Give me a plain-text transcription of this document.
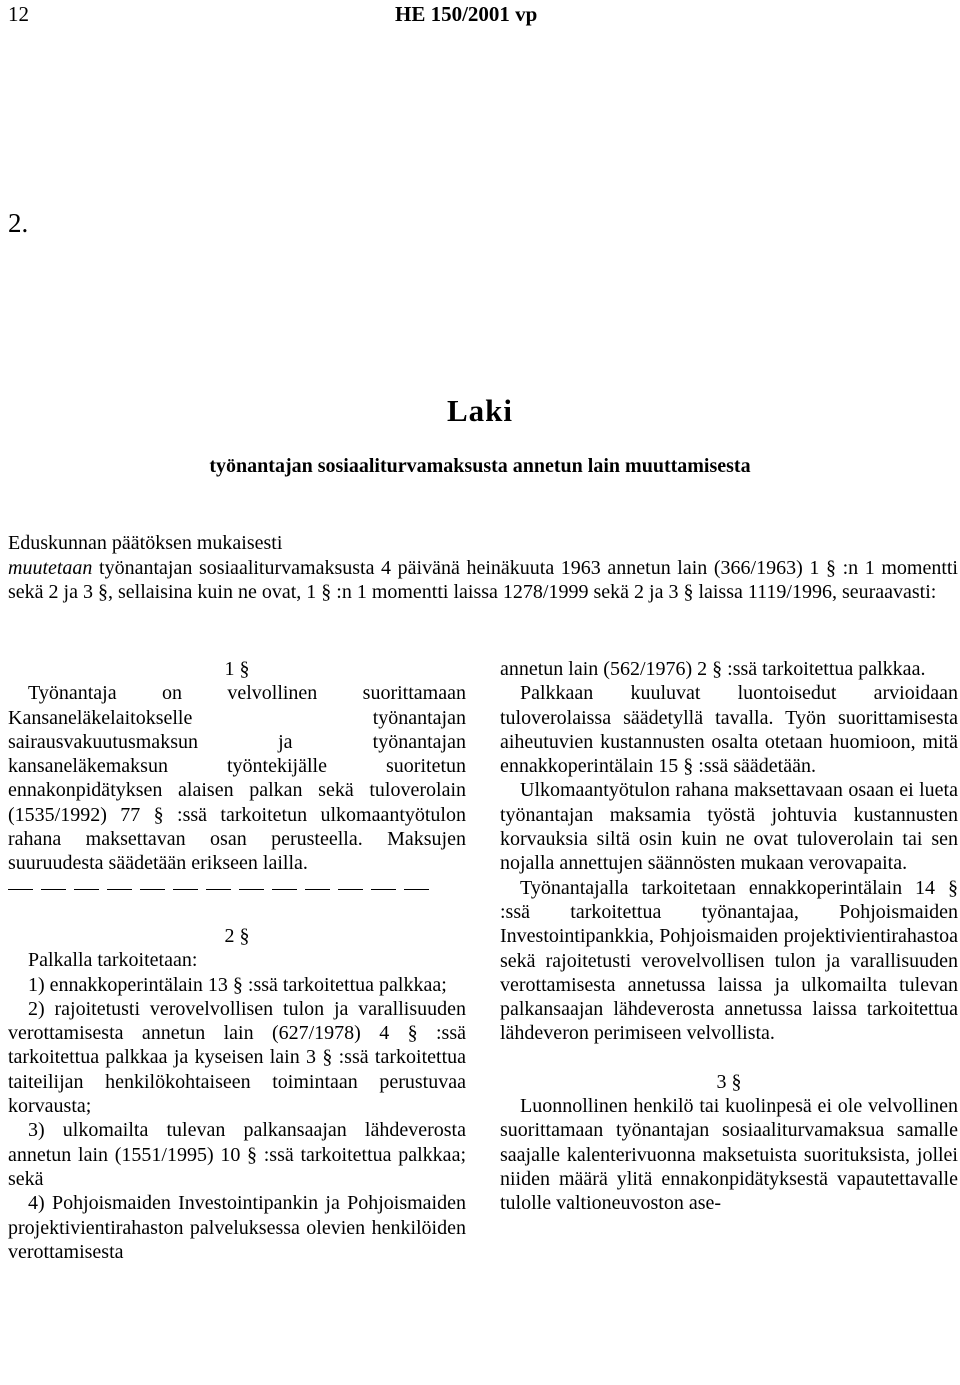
12	HE 150/2001 vp
2.
Laki
työnantajan sosiaaliturvamaksusta annetun lain muuttamisesta

Eduskunnan päätöksen mukaisesti

muutetaan työnantajan sosiaaliturvamaksusta 4 päivänä heinäkuuta 1963 annetun lain (366/1963) 1 § :n 1 momentti sekä 2 ja 3 §, sellaisina kuin ne ovat, 1 § :n 1 momentti laissa 1278/1999 sekä 2 ja 3 § laissa 1119/1996, seuraavasti:

1 §

Työnantaja on velvollinen suorittamaan Kansaneläkelaitokselle työnantajan sairausvakuutusmaksun ja työnantajan kansaneläkemaksun työntekijälle suoritetun ennakonpidätyksen alaisen palkan sekä tuloverolain (1535/1992) 77 § :ssä tarkoitetun ulkomaantyötulon rahana maksettavan osan perusteella. Maksujen suuruudesta säädetään erikseen lailla.

2 §

Palkalla tarkoitetaan:

1) ennakkoperintälain 13 § :ssä tarkoitettua palkkaa;

2) rajoitetusti verovelvollisen tulon ja varallisuuden verottamisesta annetun lain (627/1978) 4 § :ssä tarkoitettua palkkaa ja kyseisen lain 3 § :ssä tarkoitettua taiteilijan henkilökohtaiseen toimintaan perustuvaa korvausta;

3) ulkomailta tulevan palkansaajan lähdeverosta annetun lain (1551/1995) 10 § :ssä tarkoitettua palkkaa; sekä

4) Pohjoismaiden Investointipankin ja Pohjoismaiden projektivientirahaston palveluksessa olevien henkilöiden verottamisesta

annetun lain (562/1976) 2 § :ssä tarkoitettua palkkaa.

Palkkaan kuuluvat luontoisedut arvioidaan tuloverolaissa säädetyllä tavalla. Työn suorittamisesta aiheutuvien kustannusten osalta otetaan huomioon, mitä ennakkoperintälain 15 § :ssä säädetään.

Ulkomaantyötulon rahana maksettavaan osaan ei lueta työnantajan maksamia työstä johtuvia kustannusten korvauksia siltä osin kuin ne ovat tuloverolain tai sen nojalla annettujen säännösten mukaan verovapaita.

Työnantajalla tarkoitetaan ennakkoperintälain 14 § :ssä tarkoitettua työnantajaa, Pohjoismaiden Investointipankkia, Pohjoismaiden projektivientirahastoa sekä rajoitetusti verovelvollisen tulon ja varallisuuden verottamisesta annetussa laissa ja ulkomailta tulevan palkansaajan lähdeverosta annetussa laissa tarkoitettua lähdeveron perimiseen velvollista.

3 §

Luonnollinen henkilö tai kuolinpesä ei ole velvollinen suorittamaan työnantajan sosiaaliturvamaksua samalle saajalle kalenterivuonna maksetuista suorituksista, jollei niiden määrä ylitä ennakonpidätyksestä vapautettavalle tulolle valtioneuvoston ase-
